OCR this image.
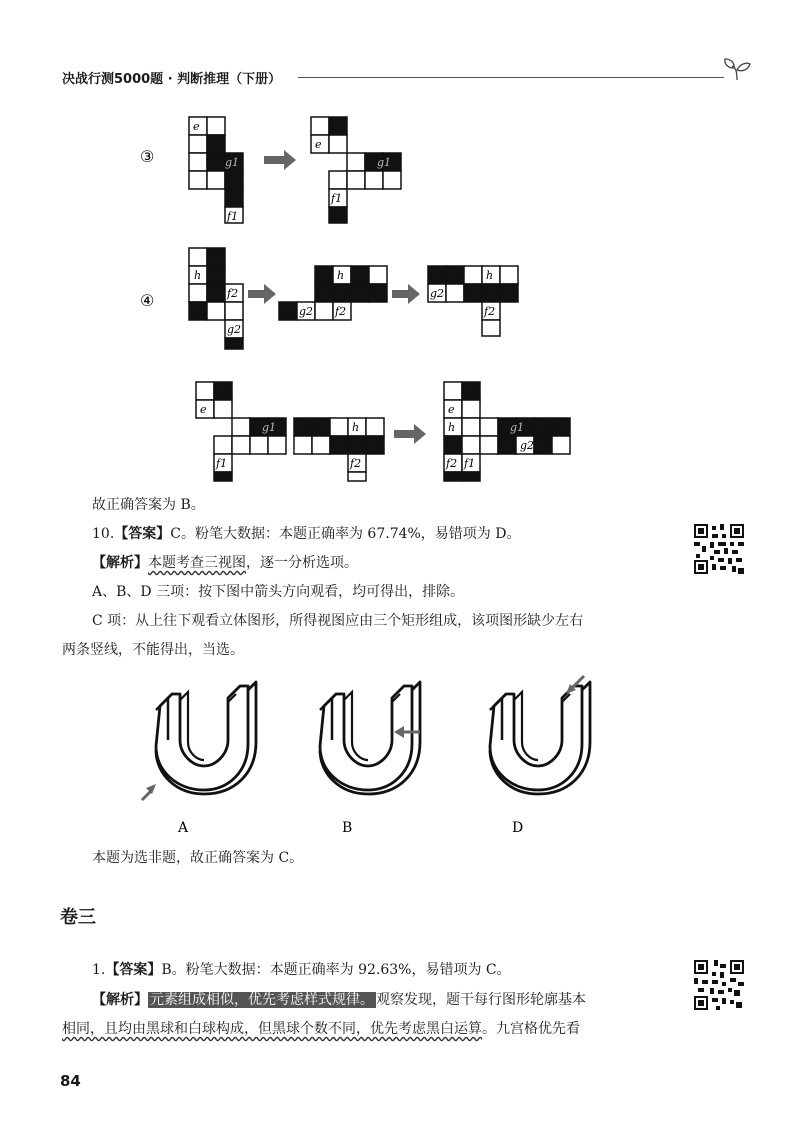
决战行测5000题 · 判断推理（下册）
③
e
g1
f1
e
g1
f1
④
h
f2
g2
h
g2 f2
g2
h
f2
e
g1
f1
g2
h
f2
e
h	g1
g2
f2 f1
故正确答案为 B。
10.【答案】C。粉笔大数据：本题正确率为 67.74%，易错项为 D。
【解析】本题考查三视图，逐一分析选项。
A、B、D 三项：按下图中箭头方向观看，均可得出，排除。
C 项：从上往下观看立体图形，所得视图应由三个矩形组成，该项图形缺少左右
两条竖线，不能得出，当选。
A	B	D
本题为选非题，故正确答案为 C。
卷三
1.【答案】B。粉笔大数据：本题正确率为 92.63%，易错项为 C。
【解析】 元素组成相似，优先考虑样式规律。 观察发现，题干每行图形轮廓基本
相同，且均由黑球和白球构成，但黑球个数不同，优先考虑黑白运算。九宫格优先看
84
